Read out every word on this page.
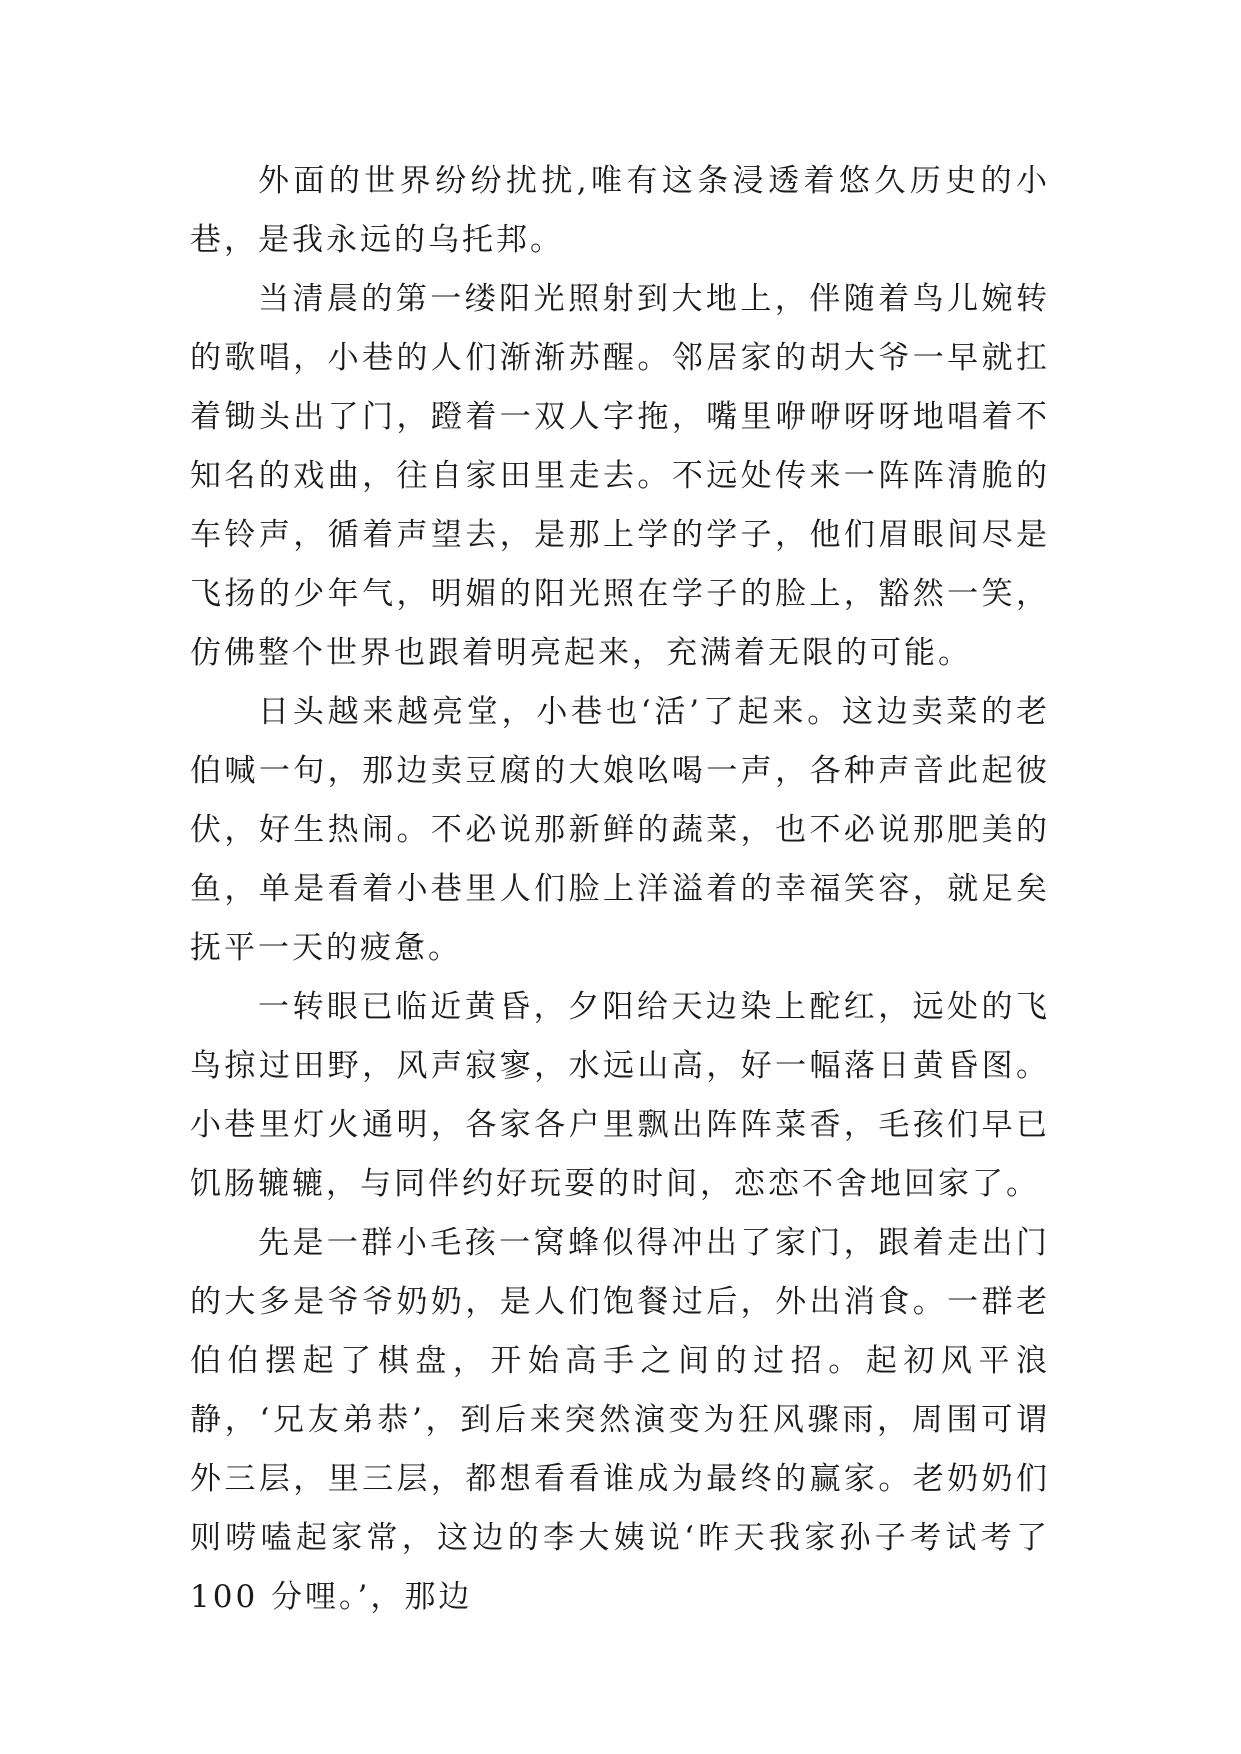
外面的世界纷纷扰扰,唯有这条浸透着悠久历史的小巷，是我永远的乌托邦。

当清晨的第一缕阳光照射到大地上，伴随着鸟儿婉转的歌唱，小巷的人们渐渐苏醒。邻居家的胡大爷一早就扛着锄头出了门，蹬着一双人字拖，嘴里咿咿呀呀地唱着不知名的戏曲，往自家田里走去。不远处传来一阵阵清脆的车铃声，循着声望去，是那上学的学子，他们眉眼间尽是飞扬的少年气，明媚的阳光照在学子的脸上，豁然一笑，仿佛整个世界也跟着明亮起来，充满着无限的可能。

日头越来越亮堂，小巷也‘活’了起来。这边卖菜的老伯喊一句，那边卖豆腐的大娘吆喝一声，各种声音此起彼伏，好生热闹。不必说那新鲜的蔬菜，也不必说那肥美的鱼，单是看着小巷里人们脸上洋溢着的幸福笑容，就足矣抚平一天的疲惫。

一转眼已临近黄昏，夕阳给天边染上酡红，远处的飞鸟掠过田野，风声寂寥，水远山高，好一幅落日黄昏图。小巷里灯火通明，各家各户里飘出阵阵菜香，毛孩们早已饥肠辘辘，与同伴约好玩耍的时间，恋恋不舍地回家了。

先是一群小毛孩一窝蜂似得冲出了家门，跟着走出门的大多是爷爷奶奶，是人们饱餐过后，外出消食。一群老伯伯摆起了棋盘，开始高手之间的过招。起初风平浪静，‘兄友弟恭’，到后来突然演变为狂风骤雨，周围可谓外三层，里三层，都想看看谁成为最终的赢家。老奶奶们则唠嗑起家常，这边的李大姨说‘昨天我家孙子考试考了 100 分哩。’，那边
